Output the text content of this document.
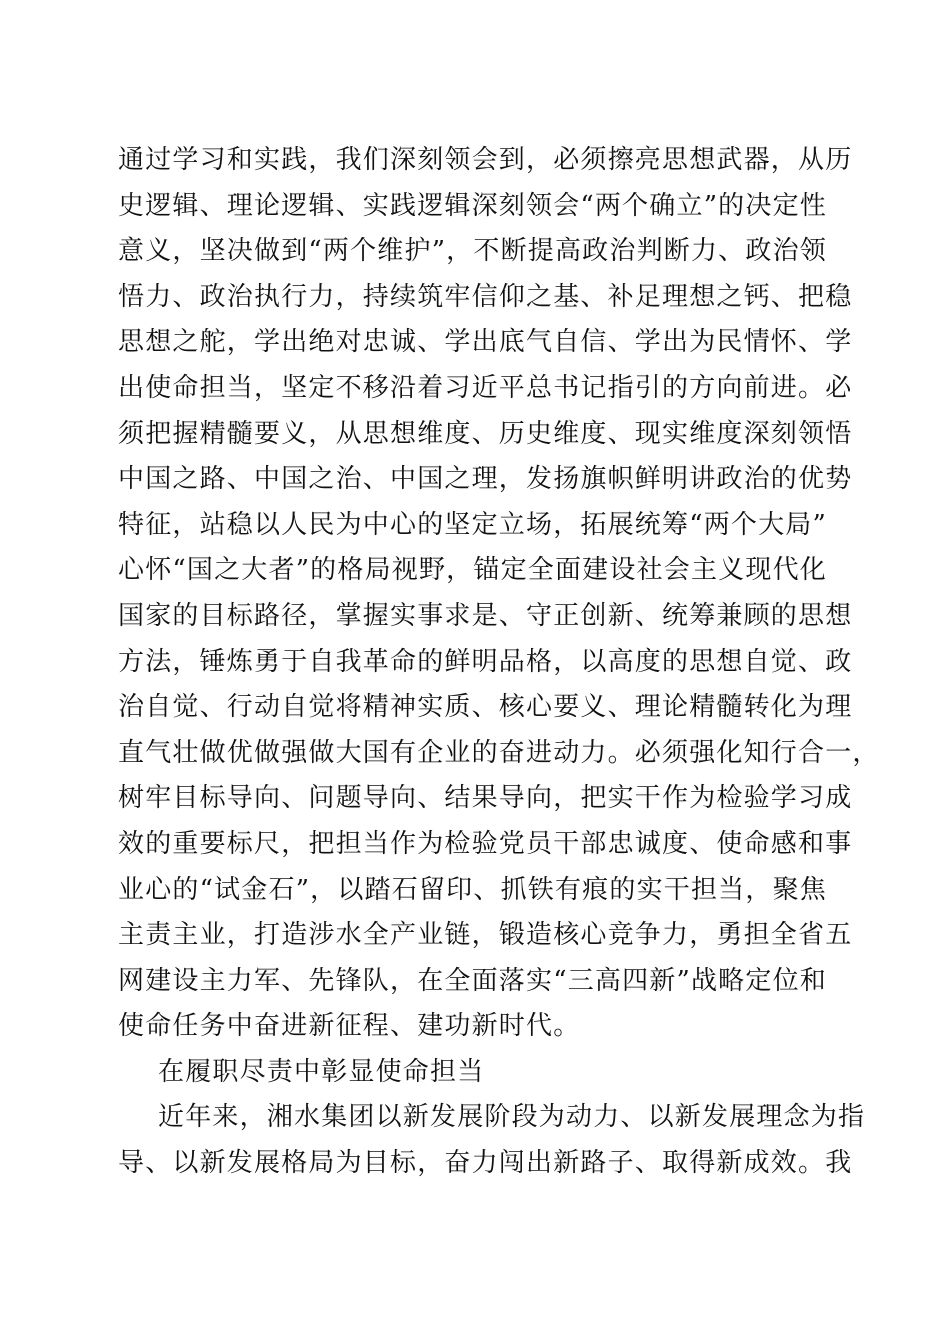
通过学习和实践，我们深刻领会到，必须擦亮思想武器，从历
史逻辑、理论逻辑、实践逻辑深刻领会“两个确立”的决定性
意义，坚决做到“两个维护”，不断提高政治判断力、政治领
悟力、政治执行力，持续筑牢信仰之基、补足理想之钙、把稳
思想之舵，学出绝对忠诚、学出底气自信、学出为民情怀、学
出使命担当，坚定不移沿着习近平总书记指引的方向前进。必
须把握精髓要义，从思想维度、历史维度、现实维度深刻领悟
中国之路、中国之治、中国之理，发扬旗帜鲜明讲政治的优势
特征，站稳以人民为中心的坚定立场，拓展统筹“两个大局”
心怀“国之大者”的格局视野，锚定全面建设社会主义现代化
国家的目标路径，掌握实事求是、守正创新、统筹兼顾的思想
方法，锤炼勇于自我革命的鲜明品格，以高度的思想自觉、政
治自觉、行动自觉将精神实质、核心要义、理论精髓转化为理
直气壮做优做强做大国有企业的奋进动力。必须强化知行合一，
树牢目标导向、问题导向、结果导向，把实干作为检验学习成
效的重要标尺，把担当作为检验党员干部忠诚度、使命感和事
业心的“试金石”，以踏石留印、抓铁有痕的实干担当，聚焦
主责主业，打造涉水全产业链，锻造核心竞争力，勇担全省五
网建设主力军、先锋队，在全面落实“三高四新”战略定位和
使命任务中奋进新征程、建功新时代。
在履职尽责中彰显使命担当
近年来，湘水集团以新发展阶段为动力、以新发展理念为指
导、以新发展格局为目标，奋力闯出新路子、取得新成效。我
